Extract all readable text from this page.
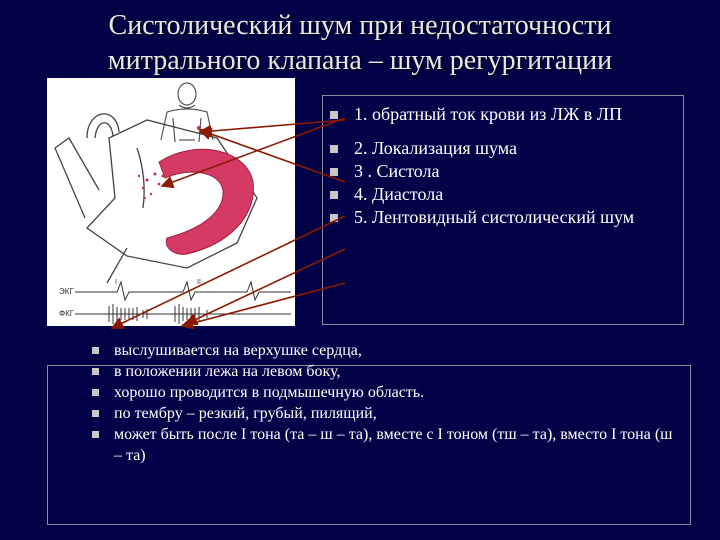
Систолический шум при недостаточности
митрального клапана – шум регургитации
ЭКГ
ФКГ
I	II
1. обратный ток крови из ЛЖ в ЛП
2. Локализация шума
3 . Систола
4. Диастола
5. Лентовидный систолический шум
выслушивается на верхушке сердца,
в положении лежа на левом боку,
хорошо проводится в подмышечную область.
по тембру – резкий, грубый, пилящий,
может быть после I тона (та – ш – та), вместе с I тоном (тш – та), вместо I тона (ш – та)
